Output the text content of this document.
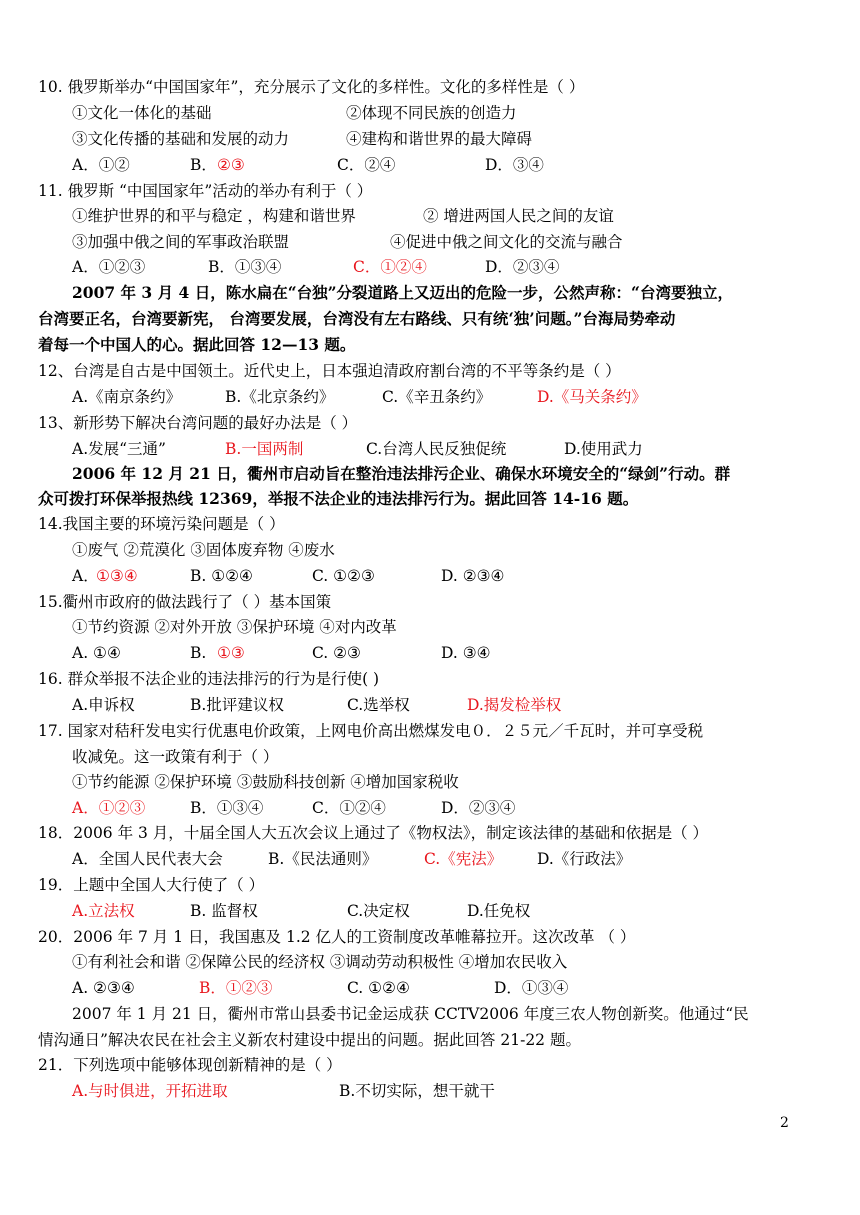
10. 俄罗斯举办“中国国家年”，充分展示了文化的多样性。文化的多样性是（ ）
①文化一体化的基础	②体现不同民族的创造力
③文化传播的基础和发展的动力	④建构和谐世界的最大障碍
A．①②	B． ②③	C．②④	D．③④
11. 俄罗斯 “中国国家年”活动的举办有利于（ ）
①维护世界的和平与稳定 ，构建和谐世界	② 增进两国人民之间的友谊
③加强中俄之间的军事政治联盟	④促进中俄之间文化的交流与融合
A．①②③	B．①③④	C．①②④	D．②③④
2007 年 3 月 4 日，陈水扁在“台独”分裂道路上又迈出的危险一步，公然声称：“台湾要独立，
台湾要正名，台湾要新宪， 台湾要发展，台湾没有左右路线、只有统‘独’问题。”台海局势牵动
着每一个中国人的心。据此回答 12—13 题。
12、台湾是自古是中国领土。近代史上，日本强迫清政府割台湾的不平等条约是（ ）
A.《南京条约》	B.《北京条约》	C.《辛丑条约》	D.《马关条约》
13、新形势下解决台湾问题的最好办法是（ ）
A.发展“三通”	B.一国两制	C.台湾人民反独促统	D.使用武力
2006 年 12 月 21 日，衢州市启动旨在整治违法排污企业、确保水环境安全的“绿剑”行动。群
众可拨打环保举报热线 12369，举报不法企业的违法排污行为。据此回答 14-16 题。
14.我国主要的环境污染问题是（ ）
①废气 ②荒漠化 ③固体废弃物 ④废水
A．
①③④	B. ①②④	C. ①②③	D. ②③④
15.衢州市政府的做法践行了（ ）基本国策
①节约资源 ②对外开放 ③保护环境 ④对内改革
A. ①④	B. ①③	C. ②③	D. ③④
16. 群众举报不法企业的违法排污的行为是行使( )
A.申诉权	B.批评建议权	C.选举权	D.揭发检举权
17. 国家对秸秆发电实行优惠电价政策，上网电价高出燃煤发电０．２５元／千瓦时，并可享受税
收减免。这一政策有利于（ ）
①节约能源 ②保护环境 ③鼓励科技创新 ④增加国家税收
A．①②③	B．①③④	C．①②④	D．②③④
18．2006 年 3 月，十届全国人大五次会议上通过了《物权法》，制定该法律的基础和依据是（ ）
A．全国人民代表大会	B.《民法通则》	C.《宪法》 D.《行政法》
19．上题中全国人大行使了（ ）
A.立法权	B. 监督权	C.决定权	D.任免权
20．2006 年 7 月 1 日，我国惠及 1.2 亿人的工资制度改革帷幕拉开。这次改革 （ ）
①有利社会和谐 ②保障公民的经济权 ③调动劳动积极性 ④增加农民收入
A. ②③④	B．①②③	C. ①②④	D．①③④
2007 年 1 月 21 日，衢州市常山县委书记金运成获 CCTV2006 年度三农人物创新奖。他通过“民
情沟通日”解决农民在社会主义新农村建设中提出的问题。据此回答 21-22 题。
21．下列选项中能够体现创新精神的是（ ）
A.与时俱进，开拓进取	B.不切实际，想干就干
2
